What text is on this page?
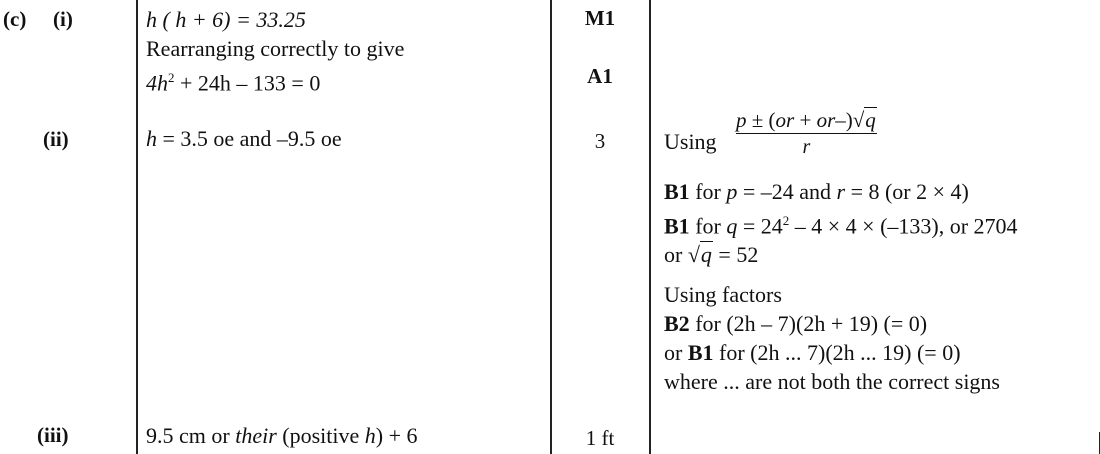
(c) (i)
(ii)
(iii)
h ( h + 6) = 33.25
Rearranging correctly to give
$4h^2 + 24h - 133 = 0$
h = 3.5 oe and –9.5 oe
9.5 cm or their (positive h) + 6
M1
A1
3
1 ft
Using
p ± (or + or–)√q
r
B1 for p = –24 and r = 8 (or 2 × 4)
B1 for $q = 24^2 - 4 \times 4 \times (-133)$, or 2704
or √q = 52
Using factors
B2 for (2h – 7)(2h + 19) (= 0)
or B1 for (2h ... 7)(2h ... 19) (= 0)
where ... are not both the correct signs
